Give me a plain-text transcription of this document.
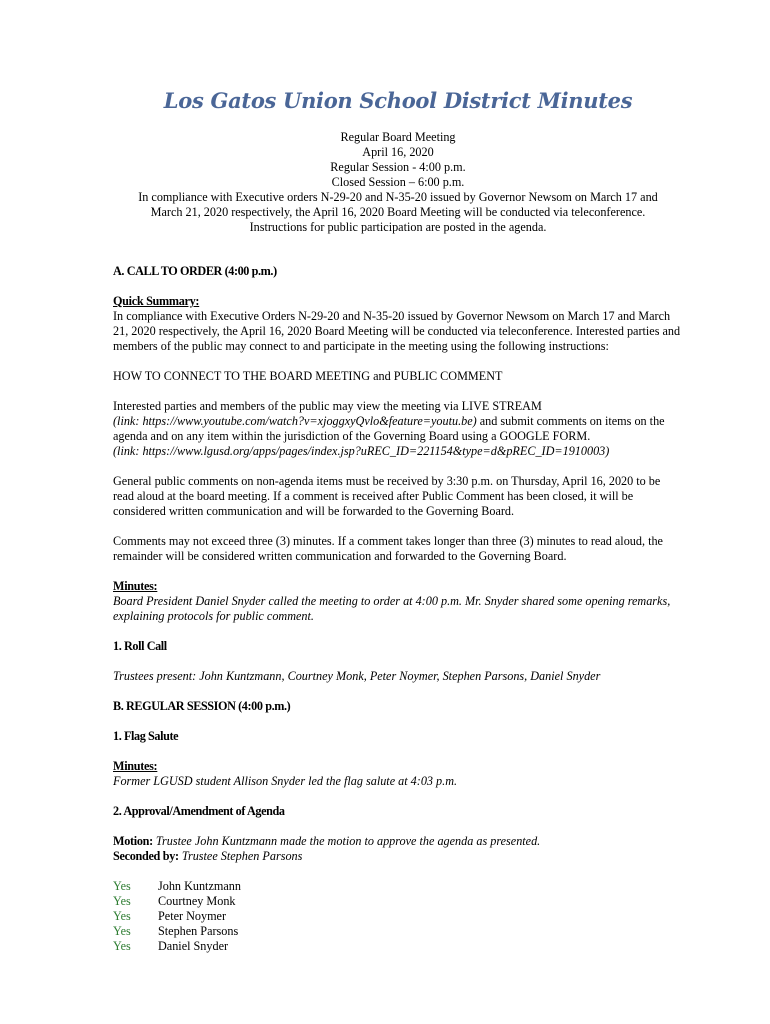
Los Gatos Union School District Minutes
Regular Board Meeting
April 16, 2020
Regular Session - 4:00 p.m.
Closed Session – 6:00 p.m.
In compliance with Executive orders N-29-20 and N-35-20 issued by Governor Newsom on March 17 and
March 21, 2020 respectively, the April 16, 2020 Board Meeting will be conducted via teleconference.
Instructions for public participation are posted in the agenda.
A. CALL TO ORDER (4:00 p.m.)
Quick Summary:

In compliance with Executive Orders N-29-20 and N-35-20 issued by Governor Newsom on March 17 and March 21, 2020 respectively, the April 16, 2020 Board Meeting will be conducted via teleconference. Interested parties and members of the public may connect to and participate in the meeting using the following instructions:

HOW TO CONNECT TO THE BOARD MEETING and PUBLIC COMMENT

Interested parties and members of the public may view the meeting via LIVE STREAM
(link: https://www.youtube.com/watch?v=xjoggxyQvlo&feature=youtu.be) and submit comments on items on the agenda and on any item within the jurisdiction of the Governing Board using a GOOGLE FORM.
(link: https://www.lgusd.org/apps/pages/index.jsp?uREC_ID=221154&type=d&pREC_ID=1910003)

General public comments on non-agenda items must be received by 3:30 p.m. on Thursday, April 16, 2020 to be read aloud at the board meeting. If a comment is received after Public Comment has been closed, it will be considered written communication and will be forwarded to the Governing Board.

Comments may not exceed three (3) minutes. If a comment takes longer than three (3) minutes to read aloud, the remainder will be considered written communication and forwarded to the Governing Board.

Minutes:

Board President Daniel Snyder called the meeting to order at 4:00 p.m. Mr. Snyder shared some opening remarks, explaining protocols for public comment.

1. Roll Call

Trustees present: John Kuntzmann, Courtney Monk, Peter Noymer, Stephen Parsons, Daniel Snyder

B. REGULAR SESSION (4:00 p.m.)
1. Flag Salute
Minutes:

Former LGUSD student Allison Snyder led the flag salute at 4:03 p.m.

2. Approval/Amendment of Agenda

Motion: Trustee John Kuntzmann made the motion to approve the agenda as presented.

Seconded by: Trustee Stephen Parsons

Yes	John Kuntzmann
Yes	Courtney Monk
Yes	Peter Noymer
Yes	Stephen Parsons
Yes	Daniel Snyder
